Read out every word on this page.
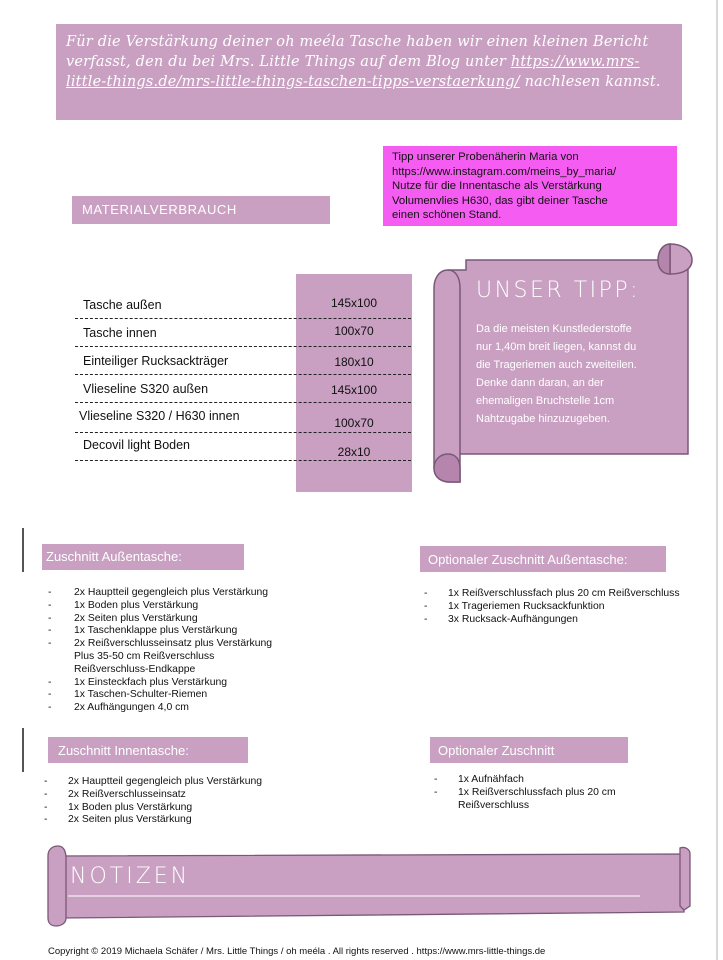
Für die Verstärkung deiner oh meéla Tasche haben wir einen kleinen Bericht verfasst, den du bei Mrs. Little Things auf dem Blog unter https://www.mrs-little-things.de/mrs-little-things-taschen-tipps-verstaerkung/ nachlesen kannst.
Tipp unserer Probenäherin Maria von
https://www.instagram.com/meins_by_maria/
Nutze für die Innentasche als Verstärkung
Volumenvlies H630, das gibt deiner Tasche
einen schönen Stand.
MATERIALVERBRAUCH
Tasche außen	145x100
Tasche innen	100x70
Einteiliger Rucksackträger	180x10
Vlieseline S320 außen	145x100
Vlieseline S320 / H630 innen	100x70
Decovil light Boden	28x10
UNSER TIPP:
Da die meisten Kunstlederstoffe
nur 1,40m breit liegen, kannst du
die Trageriemen auch zweiteilen.
Denke dann daran, an der
ehemaligen Bruchstelle 1cm
Nahtzugabe hinzuzugeben.
Zuschnitt Außentasche:
- 2x Hauptteil gegengleich plus Verstärkung
- 1x Boden plus Verstärkung
- 2x Seiten plus Verstärkung
- 1x Taschenklappe plus Verstärkung
- 2x Reißverschlusseinsatz plus Verstärkung
Plus 35-50 cm Reißverschluss
Reißverschluss-Endkappe
- 1x Einsteckfach plus Verstärkung
- 1x Taschen-Schulter-Riemen
- 2x Aufhängungen 4,0 cm
Optionaler Zuschnitt Außentasche:
- 1x Reißverschlussfach plus 20 cm Reißverschluss
- 1x Trageriemen Rucksackfunktion
- 3x Rucksack-Aufhängungen
Zuschnitt Innentasche:
- 2x Hauptteil gegengleich plus Verstärkung
- 2x Reißverschlusseinsatz
- 1x Boden plus Verstärkung
- 2x Seiten plus Verstärkung
Optionaler Zuschnitt
- 1x Aufnähfach
- 1x Reißverschlussfach plus 20 cm
Reißverschluss
NOTIZEN
Copyright © 2019 Michaela Schäfer / Mrs. Little Things / oh meéla . All rights reserved . https://www.mrs-little-things.de
